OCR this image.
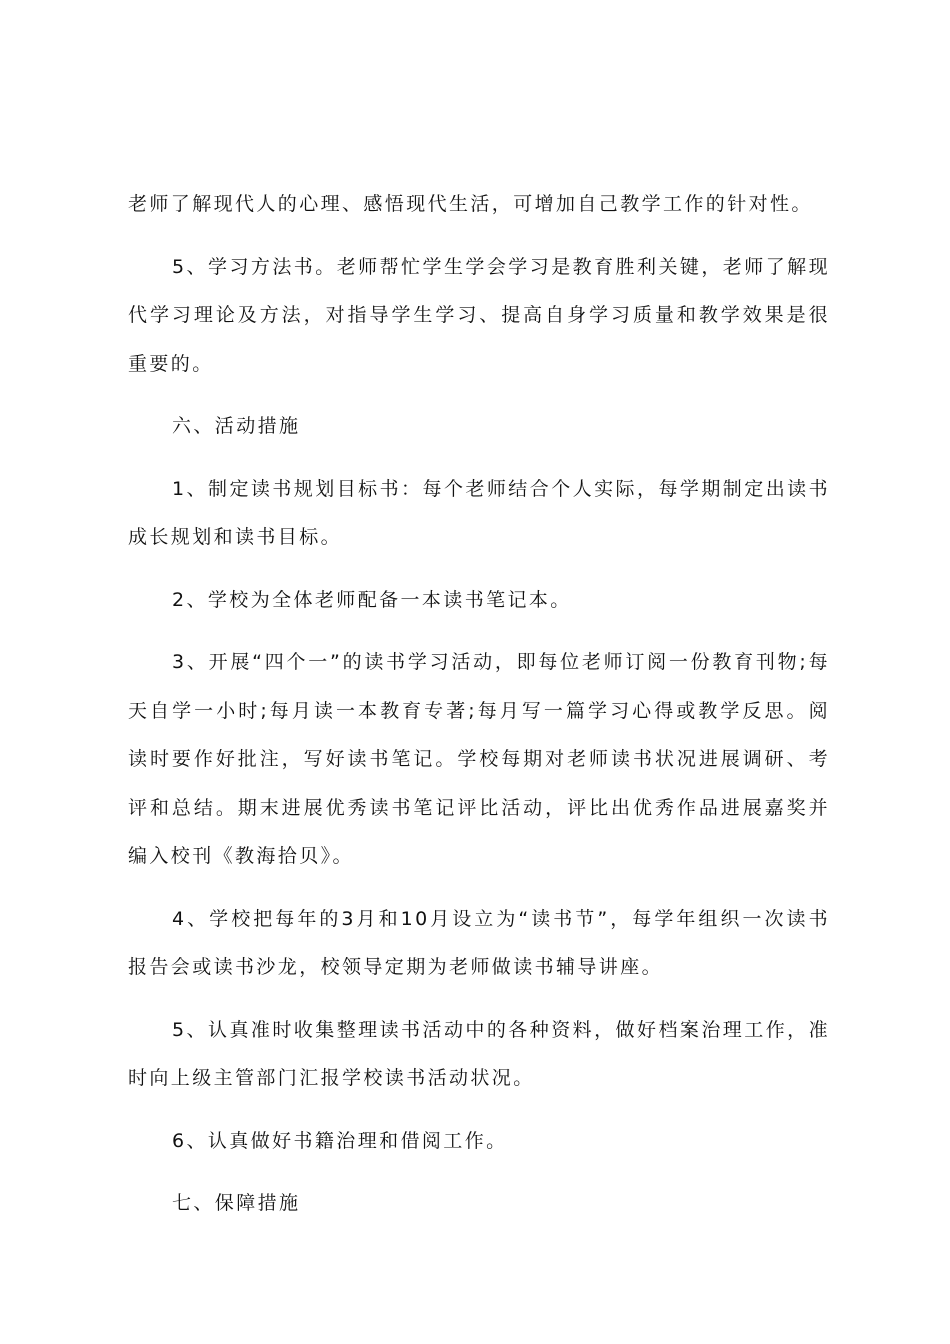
老师了解现代人的心理、感悟现代生活，可增加自己教学工作的针对性。

5、学习方法书。老师帮忙学生学会学习是教育胜利关键，老师了解现代学习理论及方法，对指导学生学习、提高自身学习质量和教学效果是很重要的。

六、活动措施

1、制定读书规划目标书：每个老师结合个人实际，每学期制定出读书成长规划和读书目标。

2、学校为全体老师配备一本读书笔记本。

3、开展“四个一”的读书学习活动，即每位老师订阅一份教育刊物;每天自学一小时;每月读一本教育专著;每月写一篇学习心得或教学反思。阅读时要作好批注，写好读书笔记。学校每期对老师读书状况进展调研、考评和总结。期末进展优秀读书笔记评比活动，评比出优秀作品进展嘉奖并编入校刊《教海拾贝》。

4、学校把每年的3月和10月设立为“读书节”，每学年组织一次读书报告会或读书沙龙，校领导定期为老师做读书辅导讲座。

5、认真准时收集整理读书活动中的各种资料，做好档案治理工作，准时向上级主管部门汇报学校读书活动状况。

6、认真做好书籍治理和借阅工作。

七、保障措施
